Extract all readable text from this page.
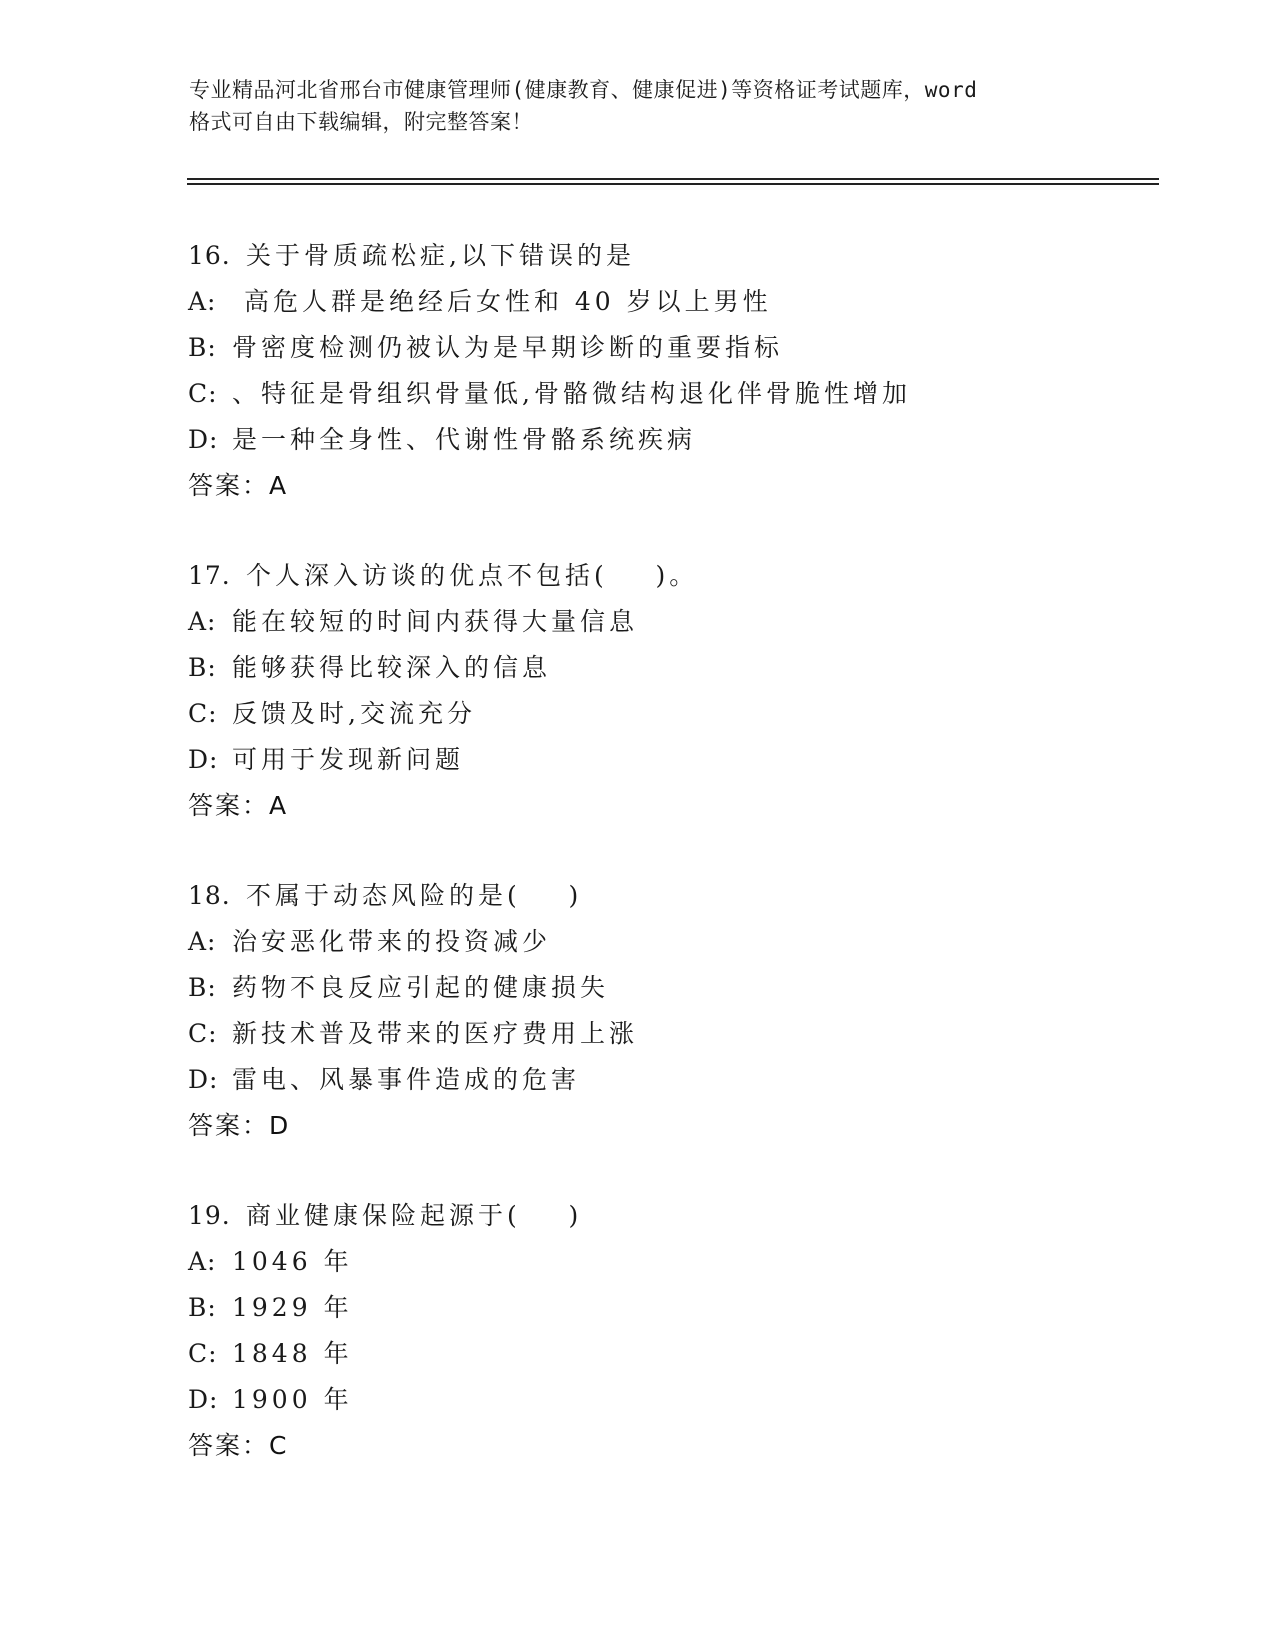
专业精品河北省邢台市健康管理师(健康教育、健康促进)等资格证考试题库，word
格式可自由下载编辑，附完整答案！
16. 关于骨质疏松症,以下错误的是
A: 高危人群是绝经后女性和 40 岁以上男性
B: 骨密度检测仍被认为是早期诊断的重要指标
C: 、特征是骨组织骨量低,骨骼微结构退化伴骨脆性增加
D: 是一种全身性、代谢性骨骼系统疾病
答案：A
17. 个人深入访谈的优点不包括(    )。
A: 能在较短的时间内获得大量信息
B: 能够获得比较深入的信息
C: 反馈及时,交流充分
D: 可用于发现新问题
答案：A
18. 不属于动态风险的是(    )
A: 治安恶化带来的投资减少
B: 药物不良反应引起的健康损失
C: 新技术普及带来的医疗费用上涨
D: 雷电、风暴事件造成的危害
答案：D
19. 商业健康保险起源于(    )
A: 1046 年
B: 1929 年
C: 1848 年
D: 1900 年
答案：C
